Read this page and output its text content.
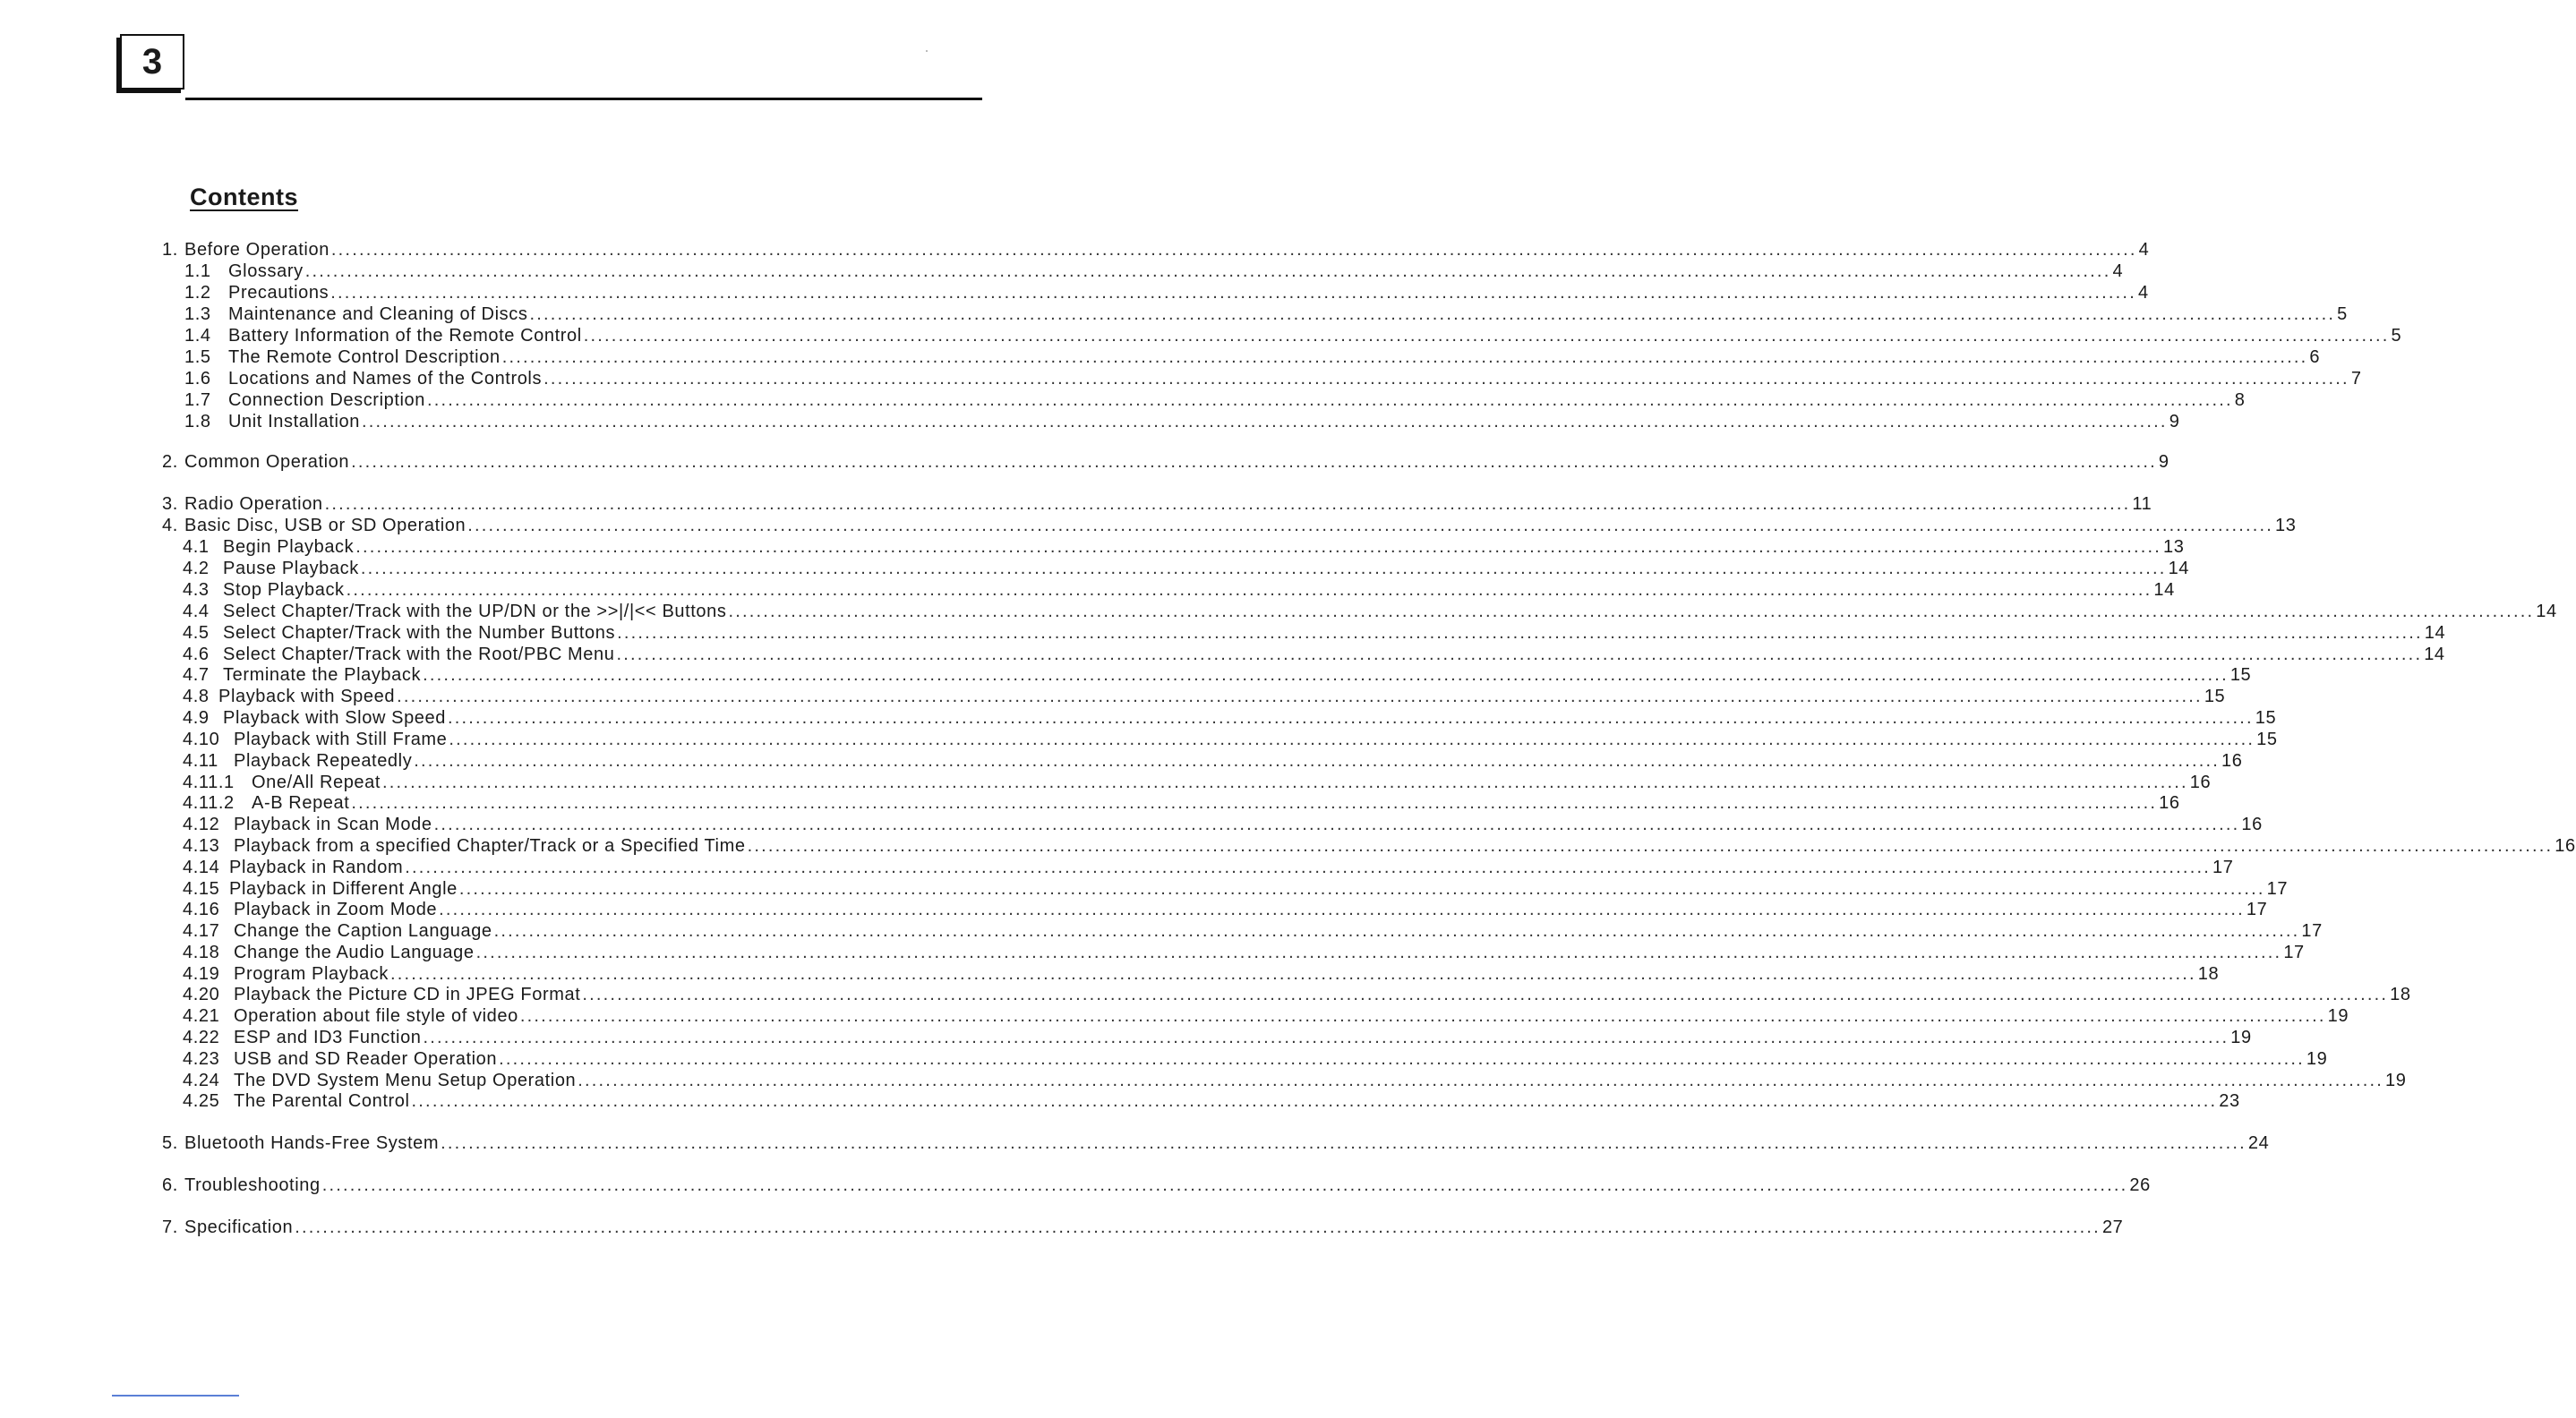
3
Contents
1. Before Operation .................................................................................................................................................................................................................................................................... 4
1.1 Glossary .................................................................................................................................................................................................................................................................... 4
1.2 Precautions .................................................................................................................................................................................................................................................................... 4
1.3 Maintenance and Cleaning of Discs .................................................................................................................................................................................................................................................................... 5
1.4 Battery Information of the Remote Control .................................................................................................................................................................................................................................................................... 5
1.5 The Remote Control Description .................................................................................................................................................................................................................................................................... 6
1.6 Locations and Names of the Controls .................................................................................................................................................................................................................................................................... 7
1.7 Connection Description .................................................................................................................................................................................................................................................................... 8
1.8 Unit Installation .................................................................................................................................................................................................................................................................... 9
2. Common Operation .................................................................................................................................................................................................................................................................... 9
3. Radio Operation .................................................................................................................................................................................................................................................................... 11
4. Basic Disc, USB or SD Operation .................................................................................................................................................................................................................................................................... 13
4.1 Begin Playback .................................................................................................................................................................................................................................................................... 13
4.2 Pause Playback .................................................................................................................................................................................................................................................................... 14
4.3 Stop Playback .................................................................................................................................................................................................................................................................... 14
4.4 Select Chapter/Track with the UP/DN or the >>|/|<< Buttons .................................................................................................................................................................................................................................................................... 14
4.5 Select Chapter/Track with the Number Buttons .................................................................................................................................................................................................................................................................... 14
4.6 Select Chapter/Track with the Root/PBC Menu .................................................................................................................................................................................................................................................................... 14
4.7 Terminate the Playback .................................................................................................................................................................................................................................................................... 15
4.8 Playback with Speed .................................................................................................................................................................................................................................................................... 15
4.9 Playback with Slow Speed .................................................................................................................................................................................................................................................................... 15
4.10 Playback with Still Frame .................................................................................................................................................................................................................................................................... 15
4.11 Playback Repeatedly .................................................................................................................................................................................................................................................................... 16
4.11.1 One/All Repeat .................................................................................................................................................................................................................................................................... 16
4.11.2 A-B Repeat .................................................................................................................................................................................................................................................................... 16
4.12 Playback in Scan Mode .................................................................................................................................................................................................................................................................... 16
4.13 Playback from a specified Chapter/Track or a Specified Time .................................................................................................................................................................................................................................................................... 16
4.14 Playback in Random .................................................................................................................................................................................................................................................................... 17
4.15 Playback in Different Angle .................................................................................................................................................................................................................................................................... 17
4.16 Playback in Zoom Mode .................................................................................................................................................................................................................................................................... 17
4.17 Change the Caption Language .................................................................................................................................................................................................................................................................... 17
4.18 Change the Audio Language .................................................................................................................................................................................................................................................................... 17
4.19 Program Playback .................................................................................................................................................................................................................................................................... 18
4.20 Playback the Picture CD in JPEG Format .................................................................................................................................................................................................................................................................... 18
4.21 Operation about file style of video .................................................................................................................................................................................................................................................................... 19
4.22 ESP and ID3 Function .................................................................................................................................................................................................................................................................... 19
4.23 USB and SD Reader Operation .................................................................................................................................................................................................................................................................... 19
4.24 The DVD System Menu Setup Operation .................................................................................................................................................................................................................................................................... 19
4.25 The Parental Control .................................................................................................................................................................................................................................................................... 23
5. Bluetooth Hands-Free System .................................................................................................................................................................................................................................................................... 24
6. Troubleshooting .................................................................................................................................................................................................................................................................... 26
7. Specification .................................................................................................................................................................................................................................................................... 27
